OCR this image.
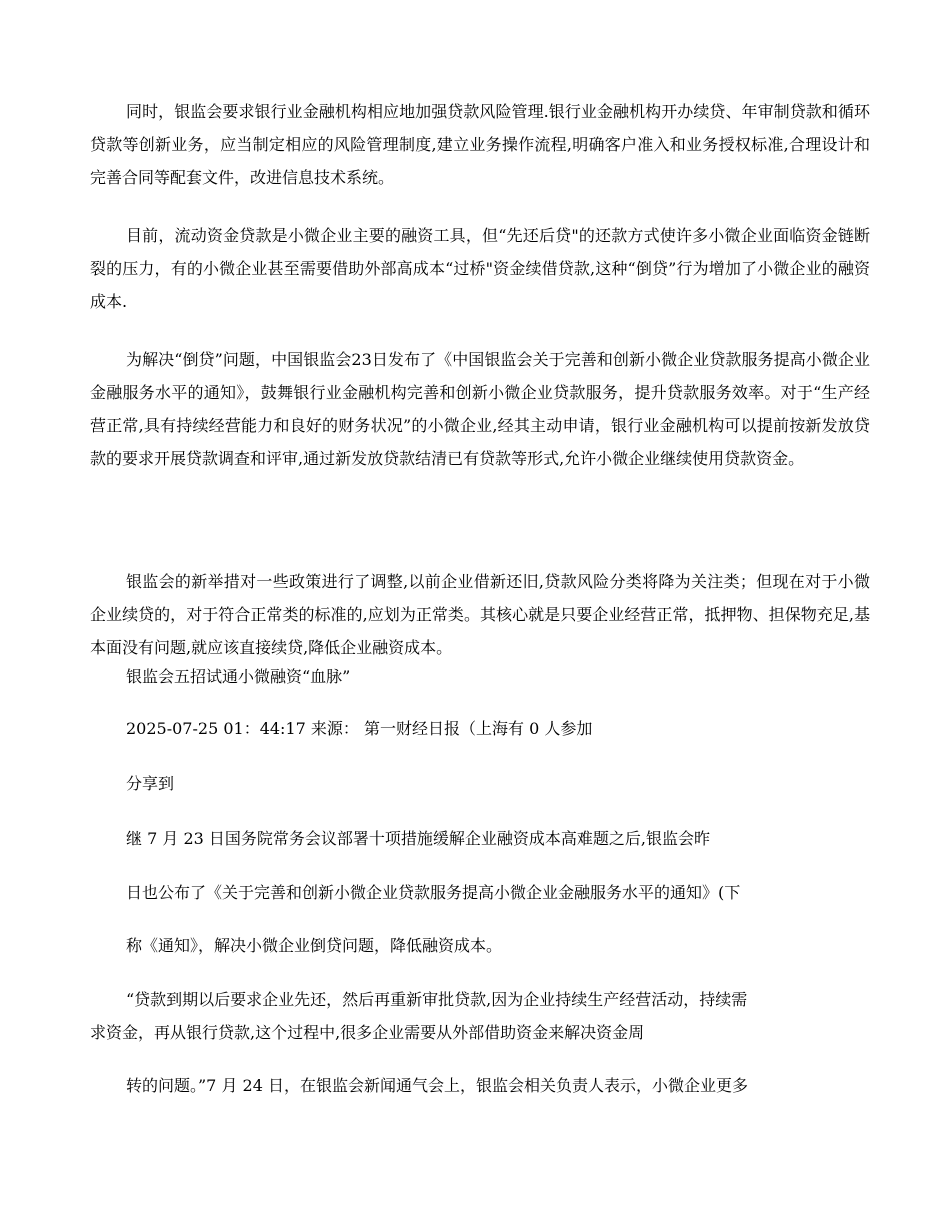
同时，银监会要求银行业金融机构相应地加强贷款风险管理.银行业金融机构开办续贷、年审制贷款和循环贷款等创新业务，应当制定相应的风险管理制度,建立业务操作流程,明确客户准入和业务授权标准,合理设计和完善合同等配套文件，改进信息技术系统。

目前，流动资金贷款是小微企业主要的融资工具，但“先还后贷"的还款方式使许多小微企业面临资金链断裂的压力，有的小微企业甚至需要借助外部高成本“过桥"资金续借贷款,这种“倒贷”行为增加了小微企业的融资成本.

为解决“倒贷”问题，中国银监会23日发布了《中国银监会关于完善和创新小微企业贷款服务提高小微企业金融服务水平的通知》，鼓舞银行业金融机构完善和创新小微企业贷款服务，提升贷款服务效率。对于“生产经营正常,具有持续经营能力和良好的财务状况”的小微企业,经其主动申请，银行业金融机构可以提前按新发放贷款的要求开展贷款调查和评审,通过新发放贷款结清已有贷款等形式,允许小微企业继续使用贷款资金。

银监会的新举措对一些政策进行了调整,以前企业借新还旧,贷款风险分类将降为关注类；但现在对于小微企业续贷的，对于符合正常类的标准的,应划为正常类。其核心就是只要企业经营正常，抵押物、担保物充足,基本面没有问题,就应该直接续贷,降低企业融资成本。

银监会五招试通小微融资“血脉”

2025-07-25 01：44:17 来源： 第一财经日报（上海有 0 人参加

分享到

继 7 月 23 日国务院常务会议部署十项措施缓解企业融资成本高难题之后,银监会昨

日也公布了《关于完善和创新小微企业贷款服务提高小微企业金融服务水平的通知》(下

称《通知》，解决小微企业倒贷问题，降低融资成本。

“贷款到期以后要求企业先还，然后再重新审批贷款,因为企业持续生产经营活动，持续需

求资金，再从银行贷款,这个过程中,很多企业需要从外部借助资金来解决资金周

转的问题。”7 月 24 日，在银监会新闻通气会上，银监会相关负责人表示，小微企业更多
